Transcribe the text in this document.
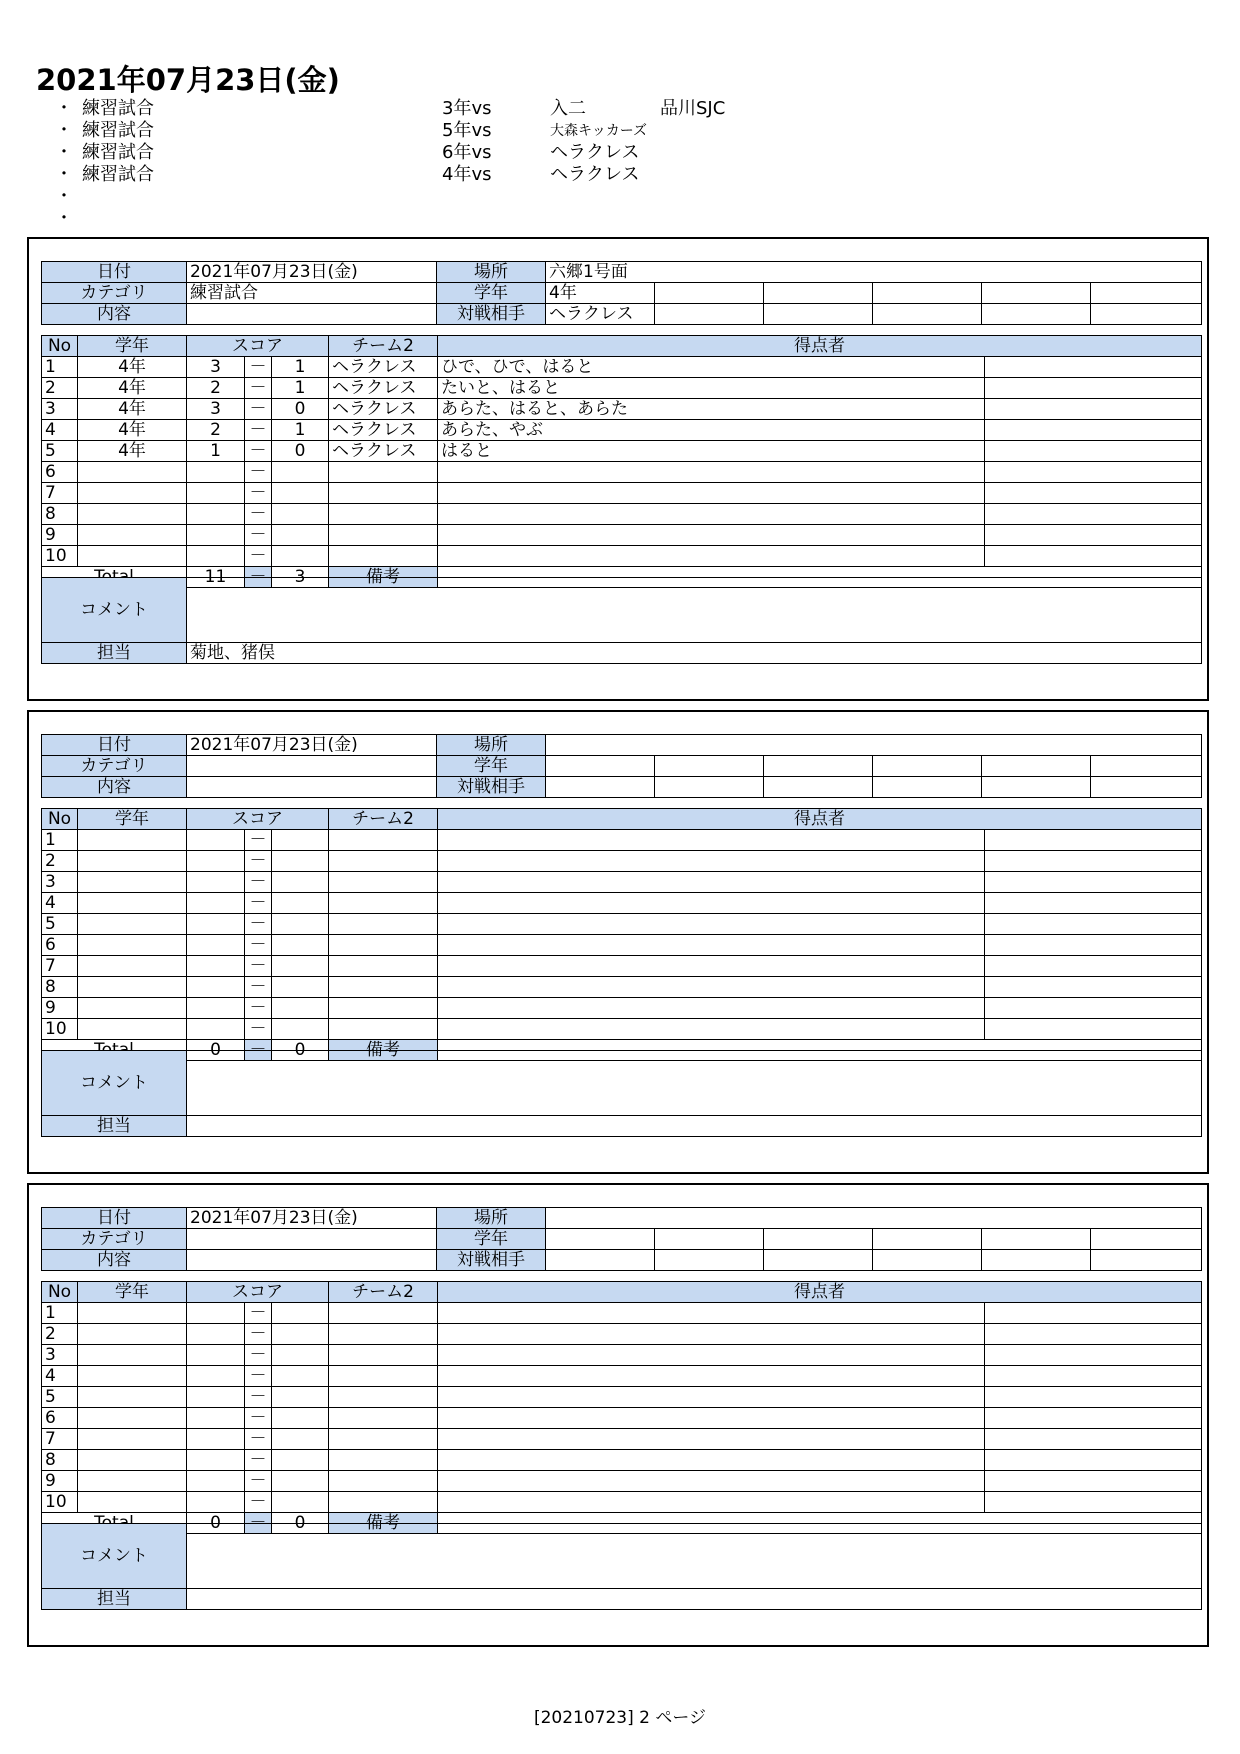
2021年07月23日(金)
・ 練習試合	3年vs	入二	品川SJC
・ 練習試合	5年vs	大森キッカーズ
・ 練習試合	6年vs	ヘラクレス
・ 練習試合	4年vs	ヘラクレス
・
・
日付	2021年07月23日(金)	場所	六郷1号面					
カテゴリ	練習試合	学年	4年					
内容		対戦相手	ヘラクレス					
No	学年	スコア			チーム2	得点者	
1	4年	3	－	1	ヘラクレス	ひで、ひで、はると	
2	4年	2	－	1	ヘラクレス	たいと、はると	
3	4年	3	－	0	ヘラクレス	あらた、はると、あらた	
4	4年	2	－	1	ヘラクレス	あらた、やぶ	
5	4年	1	－	0	ヘラクレス	はると	
6			－				
7			－				
8			－				
9			－				
10			－				
	11	－	3	備考		
コメント	
担当	菊地、猪俣
日付	2021年07月23日(金)	場所						
カテゴリ		学年						
内容		対戦相手						
No	学年	スコア			チーム2	得点者	
1			－				
2			－				
3			－				
4			－				
5			－				
6			－				
7			－				
8			－				
9			－				
10			－				
	0	－	0	備考		
コメント	
担当	
日付	2021年07月23日(金)	場所						
カテゴリ		学年						
内容		対戦相手						
No	学年	スコア			チーム2	得点者	
1			－				
2			－				
3			－				
4			－				
5			－				
6			－				
7			－				
8			－				
9			－				
10			－				
	0	－	0	備考		
コメント	
担当	
[20210723] 2 ページ
